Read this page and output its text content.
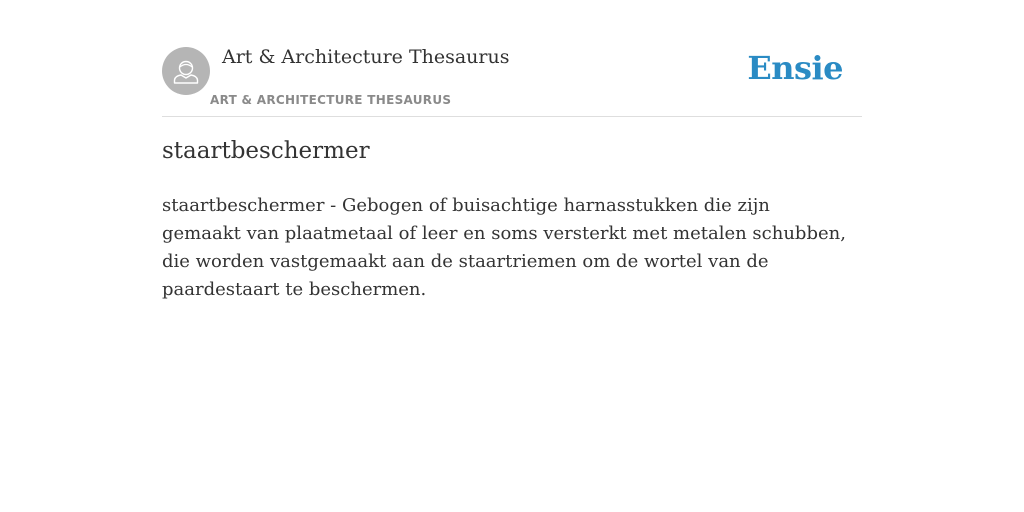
Art & Architecture Thesaurus
ART & ARCHITECTURE THESAURUS
Ensie
staartbeschermer

staartbeschermer - Gebogen of buisachtige harnasstukken die zijn gemaakt van plaatmetaal of leer en soms versterkt met metalen schubben, die worden vastgemaakt aan de staartriemen om de wortel van de paardestaart te beschermen.
